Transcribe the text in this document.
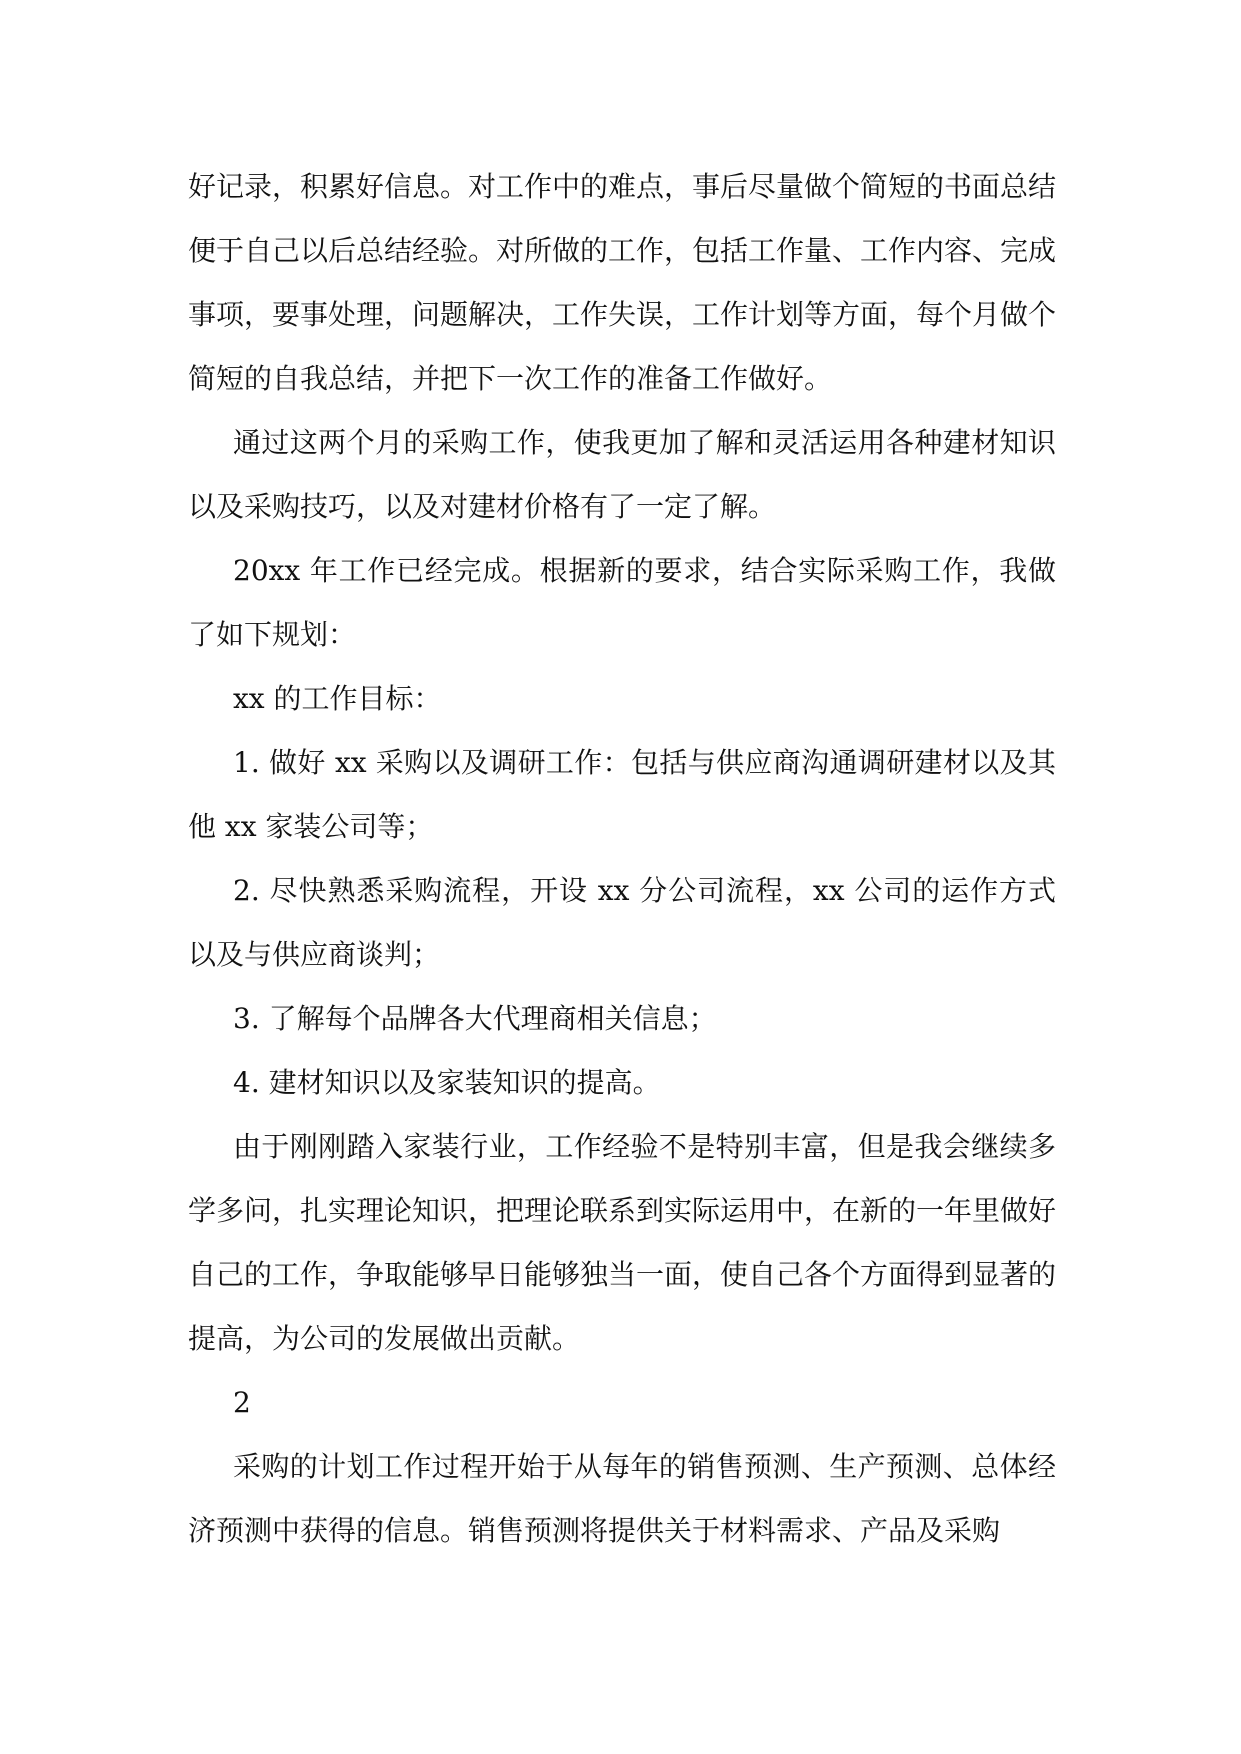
好记录，积累好信息。对工作中的难点，事后尽量做个简短的书面总结便于自己以后总结经验。对所做的工作，包括工作量、工作内容、完成事项，要事处理，问题解决，工作失误，工作计划等方面，每个月做个简短的自我总结，并把下一次工作的准备工作做好。

通过这两个月的采购工作，使我更加了解和灵活运用各种建材知识以及采购技巧，以及对建材价格有了一定了解。

20xx 年工作已经完成。根据新的要求，结合实际采购工作，我做了如下规划：

xx 的工作目标：

1. 做好 xx 采购以及调研工作：包括与供应商沟通调研建材以及其他 xx 家装公司等；

2. 尽快熟悉采购流程，开设 xx 分公司流程，xx 公司的运作方式以及与供应商谈判；

3. 了解每个品牌各大代理商相关信息；

4. 建材知识以及家装知识的提高。

由于刚刚踏入家装行业，工作经验不是特别丰富，但是我会继续多学多问，扎实理论知识，把理论联系到实际运用中，在新的一年里做好自己的工作，争取能够早日能够独当一面，使自己各个方面得到显著的提高，为公司的发展做出贡献。

2

采购的计划工作过程开始于从每年的销售预测、生产预测、总体经济预测中获得的信息。销售预测将提供关于材料需求、产品及采购
